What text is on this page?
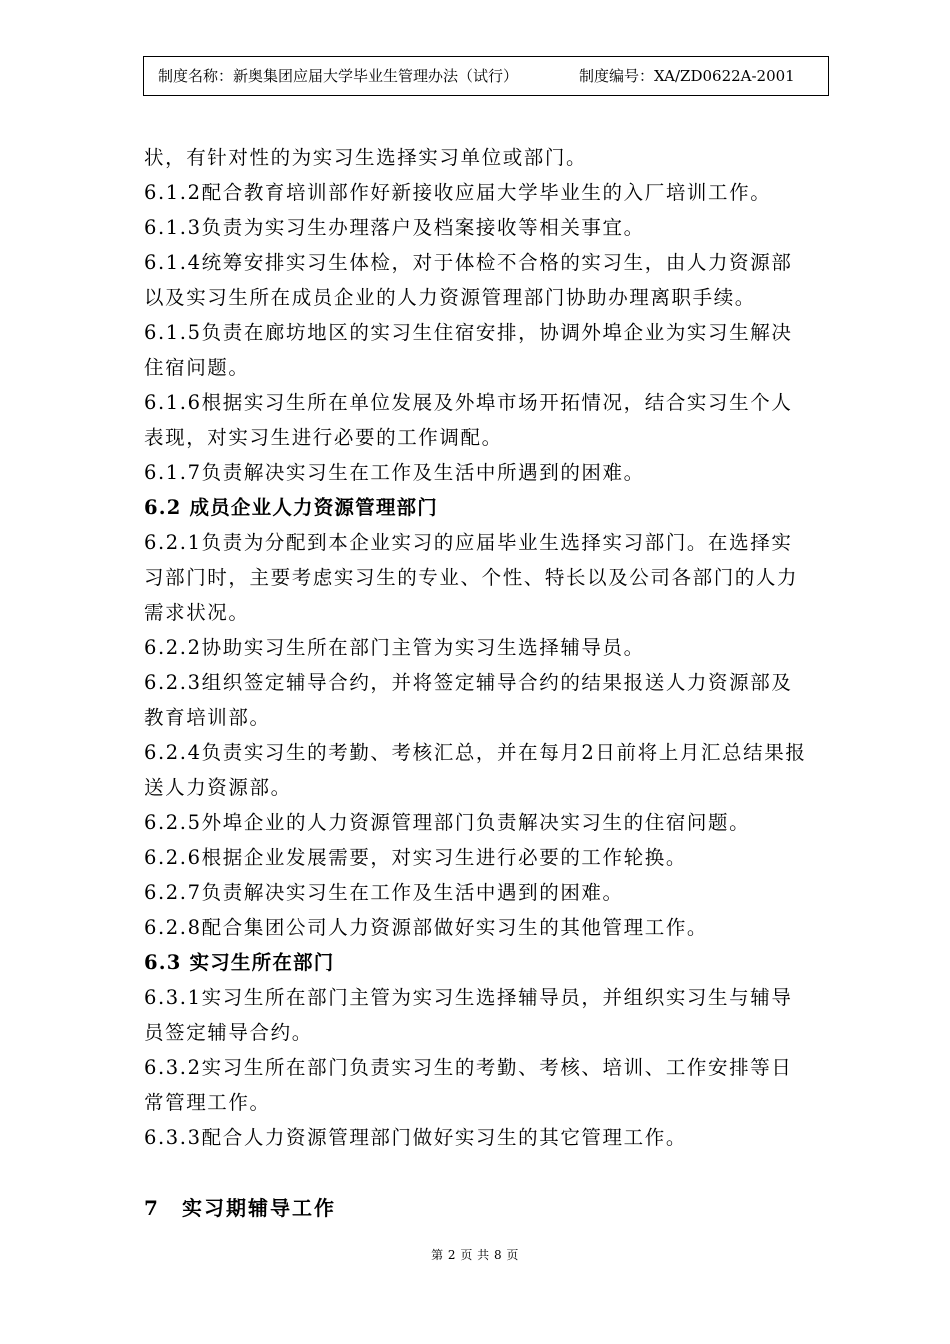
制度名称：新奥集团应届大学毕业生管理办法（试行）	制度编号：XA/ZD0622A-2001

状，有针对性的为实习生选择实习单位或部门。

6.1.2配合教育培训部作好新接收应届大学毕业生的入厂培训工作。

6.1.3负责为实习生办理落户及档案接收等相关事宜。

6.1.4统筹安排实习生体检，对于体检不合格的实习生，由人力资源部

以及实习生所在成员企业的人力资源管理部门协助办理离职手续。

6.1.5负责在廊坊地区的实习生住宿安排，协调外埠企业为实习生解决

住宿问题。

6.1.6根据实习生所在单位发展及外埠市场开拓情况，结合实习生个人

表现，对实习生进行必要的工作调配。

6.1.7负责解决实习生在工作及生活中所遇到的困难。

6.2 成员企业人力资源管理部门

6.2.1负责为分配到本企业实习的应届毕业生选择实习部门。在选择实

习部门时，主要考虑实习生的专业、个性、特长以及公司各部门的人力

需求状况。

6.2.2协助实习生所在部门主管为实习生选择辅导员。

6.2.3组织签定辅导合约，并将签定辅导合约的结果报送人力资源部及

教育培训部。

6.2.4负责实习生的考勤、考核汇总，并在每月2日前将上月汇总结果报

送人力资源部。

6.2.5外埠企业的人力资源管理部门负责解决实习生的住宿问题。

6.2.6根据企业发展需要，对实习生进行必要的工作轮换。

6.2.7负责解决实习生在工作及生活中遇到的困难。

6.2.8配合集团公司人力资源部做好实习生的其他管理工作。

6.3 实习生所在部门

6.3.1实习生所在部门主管为实习生选择辅导员，并组织实习生与辅导

员签定辅导合约。

6.3.2实习生所在部门负责实习生的考勤、考核、培训、工作安排等日

常管理工作。

6.3.3配合人力资源管理部门做好实习生的其它管理工作。

7 实习期辅导工作
第 2 页 共 8 页
